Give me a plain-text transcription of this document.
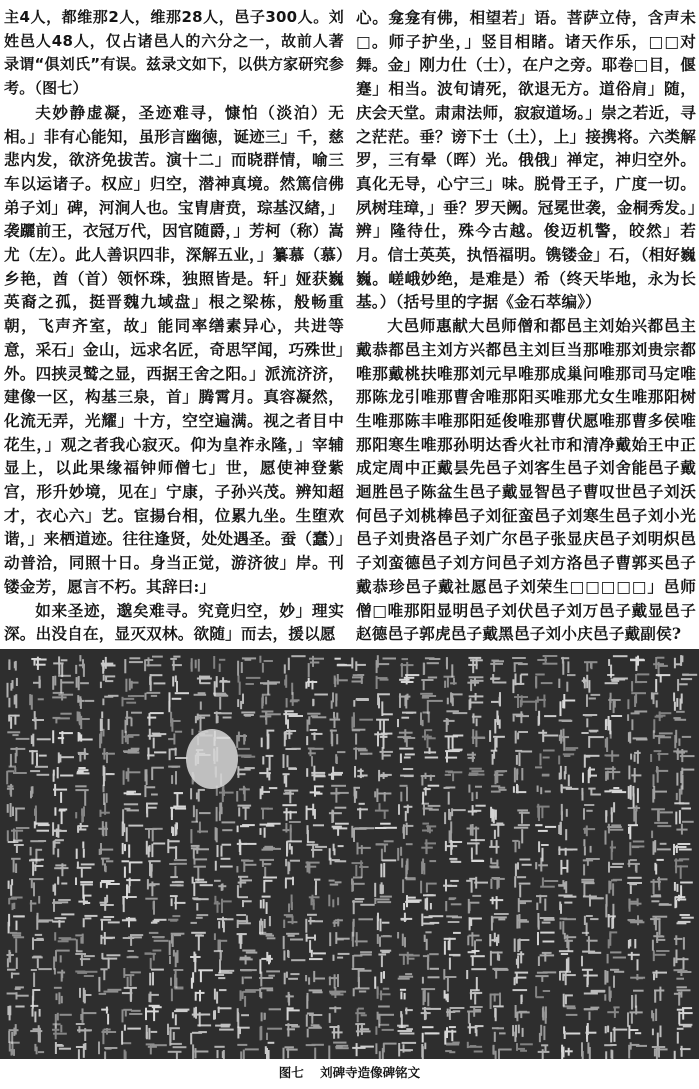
主4人，都维那2人，维那28人，邑子300人。刘姓邑人48人，仅占诸邑人的六分之一，故前人著录谓“俱刘氏”有误。兹录文如下，以供方家研究参考。（图七）

夫妙静虚凝，圣迹难寻，慷怕（淡泊）无相。」非有心能知，虽形言幽徳，诞迹三」千，慈悲内发，欲济免拔苦。演十二」而晓群情，喻三车以运诸子。权应」归空，潜神真境。然篤信佛弟子刘」碑，河涧人也。宝胄唐贲，琮基汉緖，」袭躧前王，衣冠万代，因官随爵，」芳柯（称）嵩尤（左）。此人善识四非，深解五业，」纂慕（慕）乡艳，酋（首）领怀珠，独照皆是。轩」娅获巍英裔之孤，挺晋魏九域盘」根之梁栋，般畅重朝，飞声齐室，故」能同率缮素异心，共进等意，采石」金山，远求名匠，奇思罕闻，巧殊世」外。四挟灵鹫之显，西据王舍之阳。」派流济济，建像一区，构基三泉，首」腾霄月。真容凝然，化流无弄，光耀」十方，空空遍满。视之者目中花生，」观之者我心寂灭。仰为皇祚永隆，」宰辅显上，以此果缘福钟师僧七」世，愿使神登紫宫，形升妙境，见在」宁康，子孙兴茂。辨知超才，衣心六」艺。宦揚台相，位累九坐。生堕欢谐，」来栖道迹。往往逢贤，处处遇圣。蚕（蠢）」动普洽，同照十日。身当正觉，游济彼」岸。刊镂金芳，愿言不朽。其辞曰:」

如来圣迹，邈矣难寻。究竟归空，妙」理实深。出没自在，显灭双林。欲随」而去，援以愿

心。龛龛有佛，相望若」语。菩萨立侍，含声未□。师子护坐，」竖目相睹。诸天作乐，□□对舞。金」刚力仕（士），在户之旁。耶卷□目，偃蹇」相当。波旬请死，欲退无方。道俗肩」随，庆会天堂。肃肃法师，寂寂道场。」崇之若近，寻之茫茫。垂？谤下士（土），上」接携将。六类解罗，三有晕（晖）光。俄俄」禅定，神归空外。真化无导，心宁三」味。脱骨王子，广度一切。夙树珪璋，」垂？罗天阙。冠冕世袭，金桐秀发。」辨」隆待仕，殊今古越。俊迈机警，皎然」若月。信士英英，执悟福明。镌镂金」石，（相好巍巍。嵯峨妙绝，是难是）希（终天毕地，永为长基。）（括号里的字据《金石萃编》）

大邑师惠献大邑师僧和都邑主刘始兴都邑主戴恭都邑主刘方兴都邑主刘巨当那唯那刘贵宗都唯那戴桃扶唯那刘元早唯那成巢问唯那司马定唯那陈龙引唯那曹舍唯那阳买唯那尤女生唯那阳树生唯那陈丰唯那阳延俊唯那曹伏愿唯那曹多侯唯那阳寒生唯那孙明达香火社市和清净戴始王中正成定周中正戴昙先邑子刘客生邑子刘舍能邑子戴迴胜邑子陈盆生邑子戴显智邑子曹叹世邑子刘沃何邑子刘桃棒邑子刘征蛮邑子刘寒生邑子刘小光邑子刘贵洛邑子刘广尔邑子张显庆邑子刘明炽邑子刘蛮德邑子刘方问邑子刘方洛邑子曹郭买邑子戴恭珍邑子戴社愿邑子刘荣生□□□□□」邑师僧□唯那阳显明邑子刘伏邑子刘万邑子戴显邑子赵德邑子郭虎邑子戴黑邑子刘小庆邑子戴副侯?

图七 刘碑寺造像碑铭文
